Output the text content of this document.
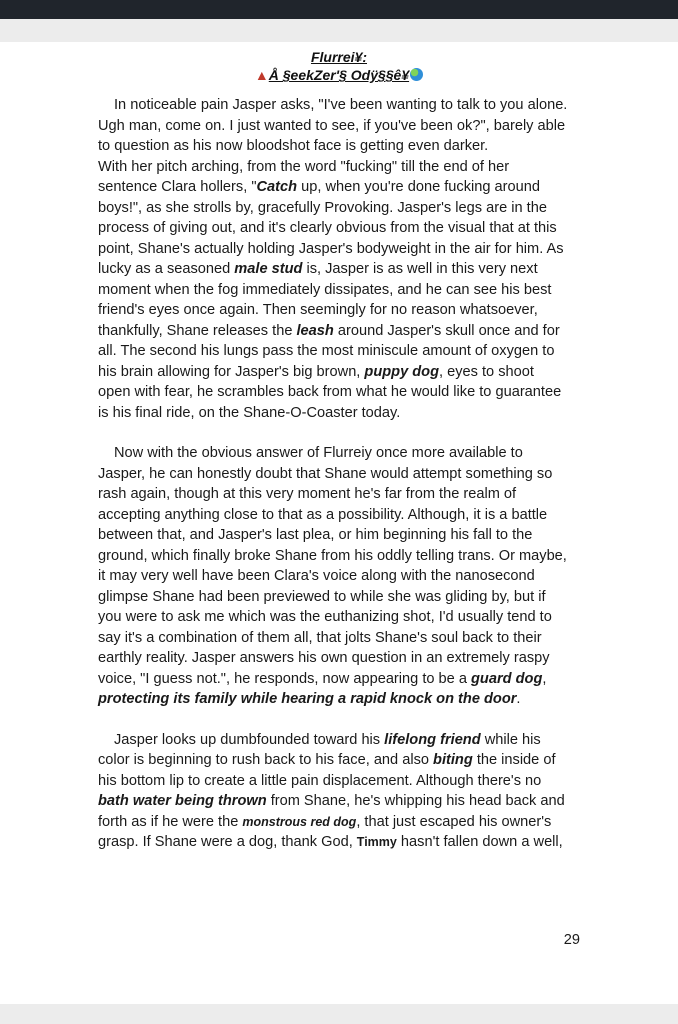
Flurrei¥:
▲Å §eekZer'§ Odÿ§§ê¥

In noticeable pain Jasper asks, "I've been wanting to talk to you alone.
Ugh man, come on. I just wanted to see, if you've been ok?", barely able
to question as his now bloodshot face is getting even darker.
With her pitch arching, from the word "fucking" till the end of her
sentence Clara hollers, "Catch up, when you're done fucking around
boys!", as she strolls by, gracefully Provoking. Jasper's legs are in the
process of giving out, and it's clearly obvious from the visual that at this
point, Shane's actually holding Jasper's bodyweight in the air for him. As
lucky as a seasoned male stud is, Jasper is as well in this very next
moment when the fog immediately dissipates, and he can see his best
friend's eyes once again. Then seemingly for no reason whatsoever,
thankfully, Shane releases the leash around Jasper's skull once and for
all. The second his lungs pass the most miniscule amount of oxygen to
his brain allowing for Jasper's big brown, puppy dog, eyes to shoot
open with fear, he scrambles back from what he would like to guarantee
is his final ride, on the Shane-O-Coaster today.

Now with the obvious answer of Flurreiy once more available to
Jasper, he can honestly doubt that Shane would attempt something so
rash again, though at this very moment he's far from the realm of
accepting anything close to that as a possibility. Although, it is a battle
between that, and Jasper's last plea, or him beginning his fall to the
ground, which finally broke Shane from his oddly telling trans. Or maybe,
it may very well have been Clara's voice along with the nanosecond
glimpse Shane had been previewed to while she was gliding by, but if
you were to ask me which was the euthanizing shot, I'd usually tend to
say it's a combination of them all, that jolts Shane's soul back to their
earthly reality. Jasper answers his own question in an extremely raspy
voice, "I guess not.", he responds, now appearing to be a guard dog,
protecting its family while hearing a rapid knock on the door.

Jasper looks up dumbfounded toward his lifelong friend while his
color is beginning to rush back to his face, and also biting the inside of
his bottom lip to create a little pain displacement. Although there's no
bath water being thrown from Shane, he's whipping his head back and
forth as if he were the monstrous red dog, that just escaped his owner's
grasp. If Shane were a dog, thank God, Timmy hasn't fallen down a well,

29
